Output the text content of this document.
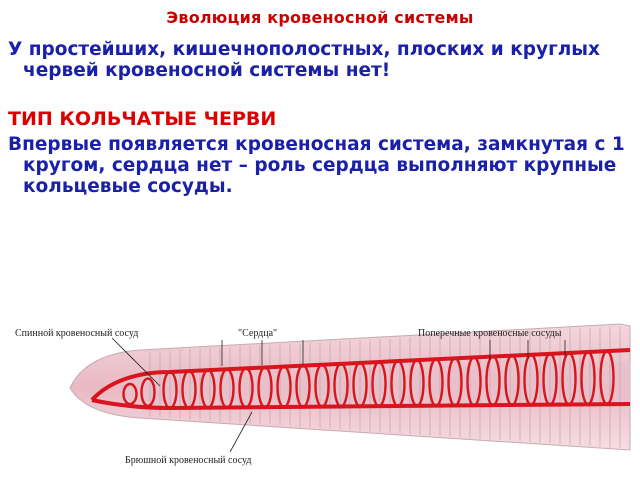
Эволюция кровеносной системы
У простейших, кишечнополостных, плоских и круглых червей кровеносной системы нет!
ТИП КОЛЬЧАТЫЕ ЧЕРВИ
Впервые появляется кровеносная система, замкнутая с 1 кругом, сердца нет – роль сердца выполняют крупные кольцевые сосуды.
Спинной кровеносный сосуд	"Сердца"	Поперечные кровеносные сосуды
Брюшной кровеносный сосуд
